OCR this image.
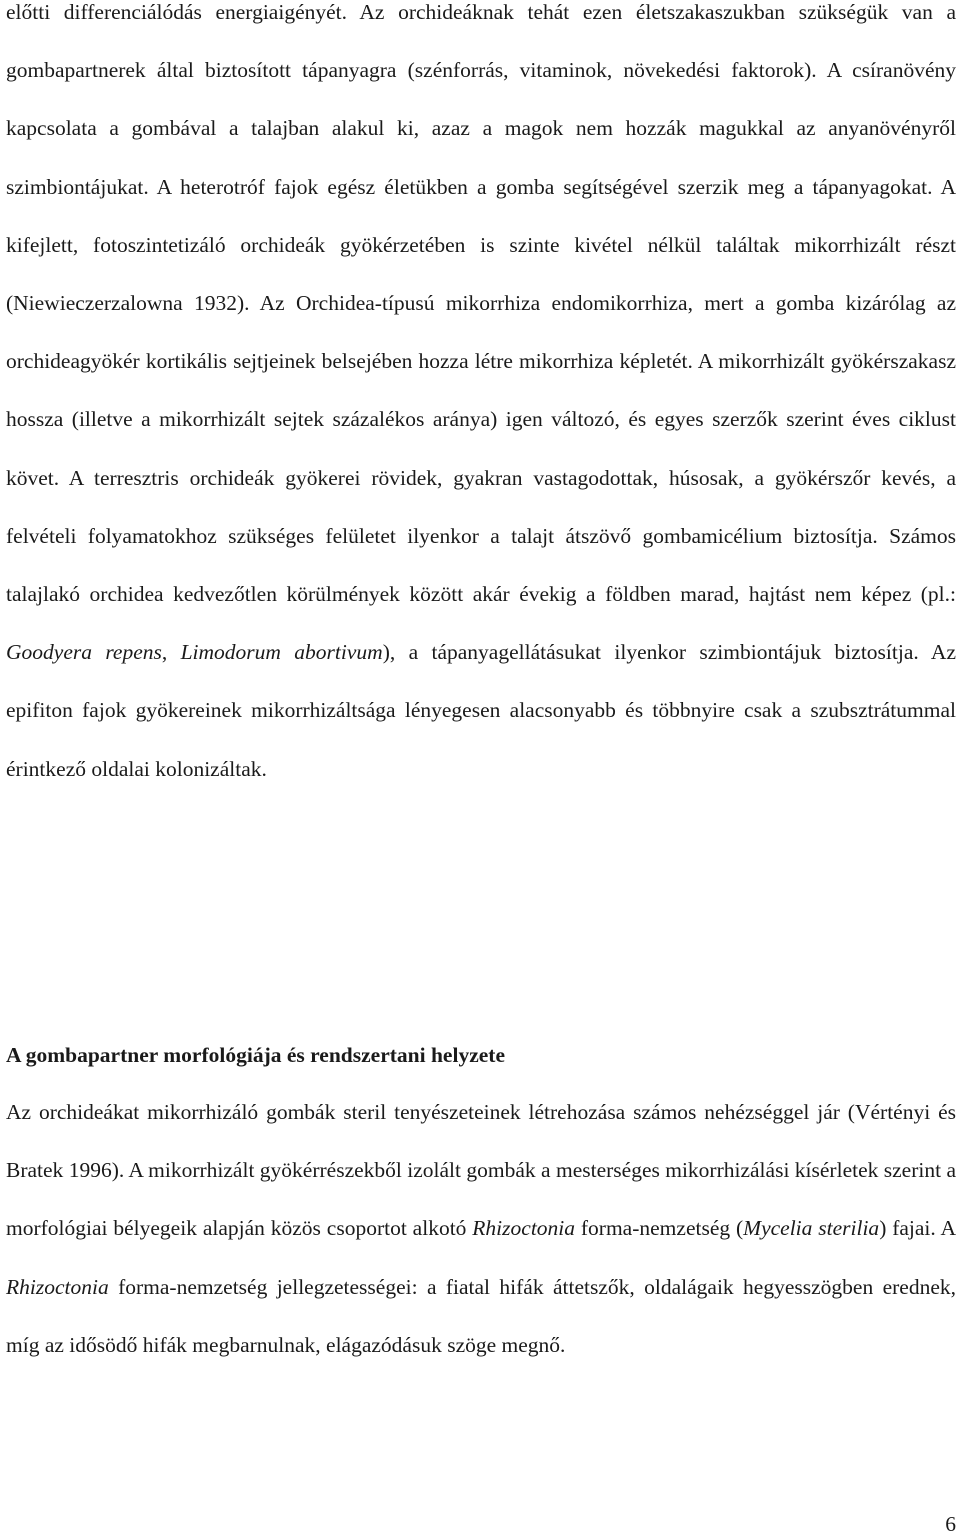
előtti differenciálódás energiaigényét. Az orchideáknak tehát ezen életszakaszukban szükségük van a gombapartnerek által biztosított tápanyagra (szénforrás, vitaminok, növekedési faktorok). A csíranövény kapcsolata a gombával a talajban alakul ki, azaz a magok nem hozzák magukkal az anyanövényről szimbiontájukat. A heterotróf fajok egész életükben a gomba segítségével szerzik meg a tápanyagokat. A kifejlett, fotoszintetizáló orchideák gyökérzetében is szinte kivétel nélkül találtak mikorrhizált részt (Niewieczerzalowna 1932). Az Orchidea-típusú mikorrhiza endomikorrhiza, mert a gomba kizárólag az orchideagyökér kortikális sejtjeinek belsejében hozza létre mikorrhiza képletét. A mikorrhizált gyökérszakasz hossza (illetve a mikorrhizált sejtek százalékos aránya) igen változó, és egyes szerzők szerint éves ciklust követ. A terresztris orchideák gyökerei rövidek, gyakran vastagodottak, húsosak, a gyökérszőr kevés, a felvételi folyamatokhoz szükséges felületet ilyenkor a talajt átszövő gombamicélium biztosítja. Számos talajlakó orchidea kedvezőtlen körülmények között akár évekig a földben marad, hajtást nem képez (pl.: Goodyera repens, Limodorum abortivum), a tápanyagellátásukat ilyenkor szimbiontájuk biztosítja. Az epifiton fajok gyökereinek mikorrhizáltsága lényegesen alacsonyabb és többnyire csak a szubsztrátummal érintkező oldalai kolonizáltak.

A gombapartner morfológiája és rendszertani helyzete

Az orchideákat mikorrhizáló gombák steril tenyészeteinek létrehozása számos nehézséggel jár (Vértényi és Bratek 1996). A mikorrhizált gyökérrészekből izolált gombák a mesterséges mikorrhizálási kísérletek szerint a morfológiai bélyegeik alapján közös csoportot alkotó Rhizoctonia forma-nemzetség (Mycelia sterilia) fajai. A Rhizoctonia forma-nemzetség jellegzetességei: a fiatal hifák áttetszők, oldalágaik hegyesszögben erednek, míg az idősödő hifák megbarnulnak, elágazódásuk szöge megnő.

6
